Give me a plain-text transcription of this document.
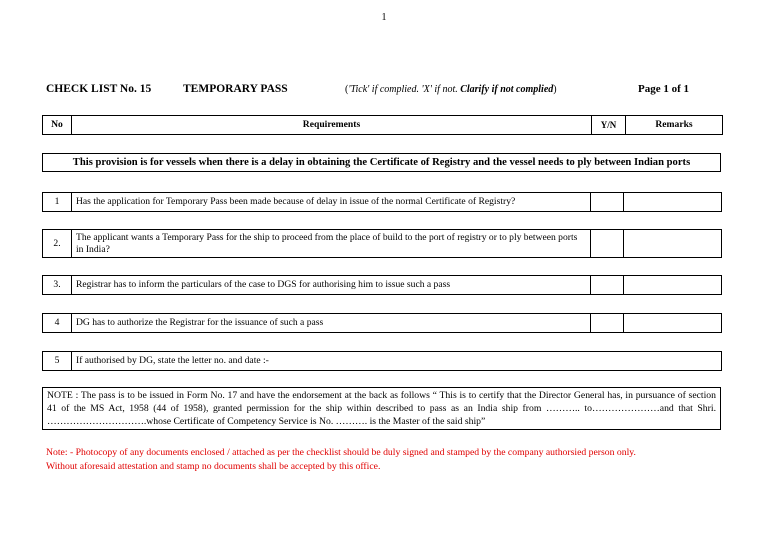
1
CHECK LIST No. 15	TEMPORARY PASS	('Tick' if complied. 'X' if not. Clarify if not complied)	Page 1 of 1
No	Requirements	Y/N	Remarks
This provision is for vessels when there is a delay in obtaining the Certificate of Registry and the vessel needs to ply between Indian ports
1	Has the application for Temporary Pass been made because of delay in issue of the normal Certificate of Registry?		
2.	The applicant wants a Temporary Pass for the ship to proceed from the place of build to the port of registry or to ply between ports in India?		
3.	Registrar has to inform the particulars of the case to DGS for authorising him to issue such a pass		
4	DG has to authorize the Registrar for the issuance of such a pass		
5	If authorised by DG, state the letter no. and date :-
NOTE : The pass is to be issued in Form No. 17 and have the endorsement at the back as follows “ This is to certify that the Director General has, in pursuance of section 41 of the MS Act, 1958 (44 of 1958), granted permission for the ship within described to pass as an India ship from ……….. to…………………and that Shri. ………………………….whose Certificate of Competency Service is No. ………. is the Master of the said ship”
Note: - Photocopy of any documents enclosed / attached as per the checklist should be duly signed and stamped by the company authorsied person only.
Without aforesaid attestation and stamp no documents shall be accepted by this office.
